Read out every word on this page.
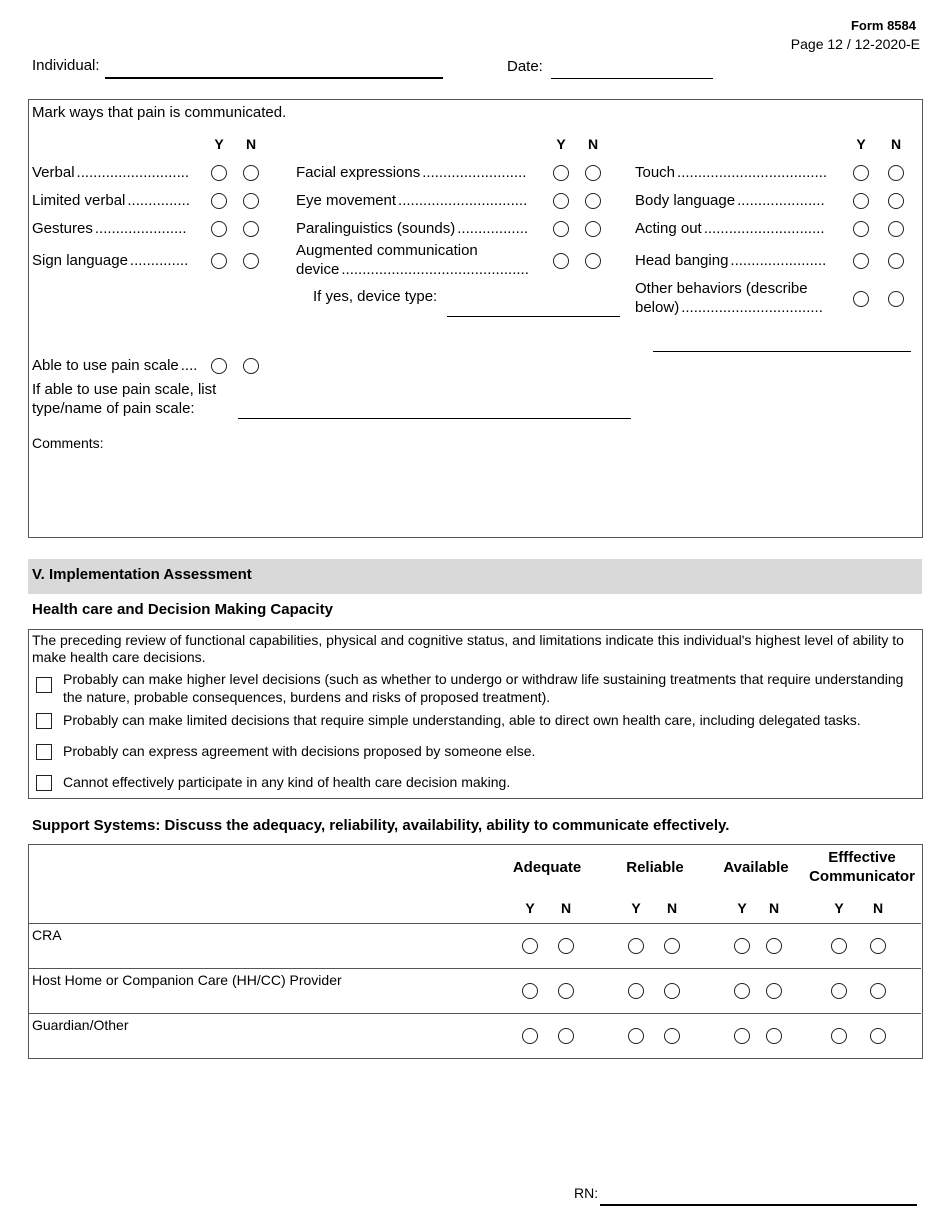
Form 8584
Page 12 / 12-2020-E
Individual:	Date:
Mark ways that pain is communicated.
If yes, device type:	Other behaviors (describe
below) ..................................
Able to use pain scale ....
If able to use pain scale, list
type/name of pain scale:
Comments:
V. Implementation Assessment
Health care and Decision Making Capacity
The preceding review of functional capabilities, physical and cognitive status, and limitations indicate this individual's highest level of ability to
make health care decisions.
Support Systems: Discuss the adequacy, reliability, availability, ability to communicate effectively.
RN:
Y N
Verbal ...........................
Limited verbal ...............
Gestures ......................
Sign language ..............
Y N
Facial expressions .........................
Eye movement ...............................
Paralinguistics (sounds) .................
Augmented communication
device .............................................
Y N
Touch ....................................
Body language .....................
Acting out .............................
Head banging .......................
Probably can make higher level decisions (such as whether to undergo or withdraw life sustaining treatments that require understanding
the nature, probable consequences, burdens and risks of proposed treatment).
Probably can make limited decisions that require simple understanding, able to direct own health care, including delegated tasks.
Probably can express agreement with decisions proposed by someone else.
Cannot effectively participate in any kind of health care decision making.
Adequate
Y N
Reliable
Y N
Available
Y N
Efffective
Y N
Communicator
CRA
Host Home or Companion Care (HH/CC) Provider
Guardian/Other
